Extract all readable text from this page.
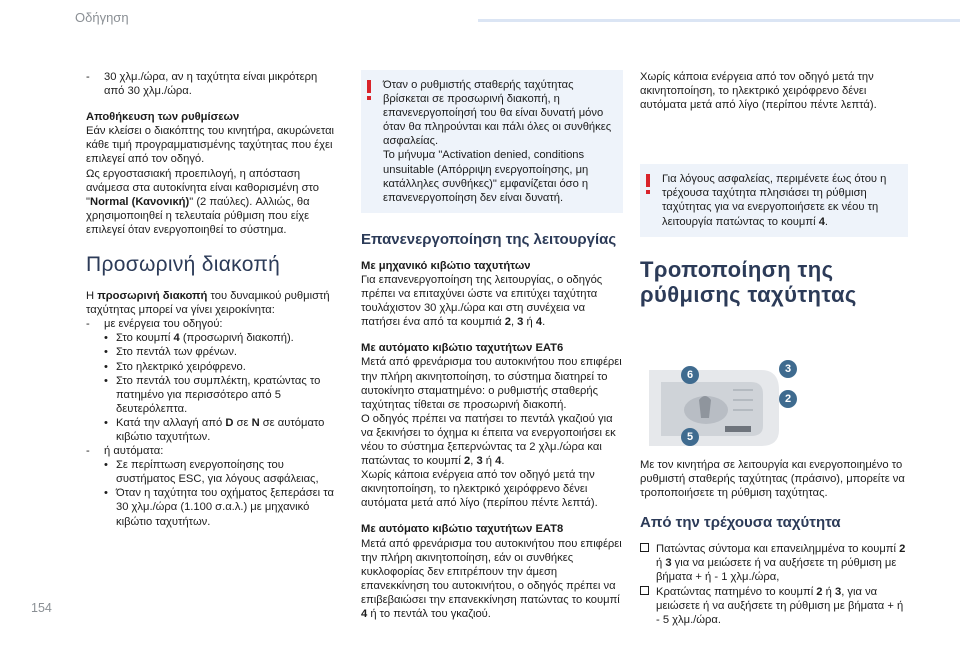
Οδήγηση

- 30 χλμ./ώρα, αν η ταχύτητα είναι μικρότερη από 30 χλμ./ώρα.

Αποθήκευση των ρυθμίσεων

Εάν κλείσει ο διακόπτης του κινητήρα, ακυρώνεται κάθε τιμή προγραμματισμένης ταχύτητας που έχει επιλεγεί από τον οδηγό.

Ως εργοστασιακή προεπιλογή, η απόσταση ανάμεσα στα αυτοκίνητα είναι καθορισμένη στο "Normal (Κανονική)" (2 παύλες). Αλλιώς, θα χρησιμοποιηθεί η τελευταία ρύθμιση που είχε επιλεγεί όταν ενεργοποιηθεί το σύστημα.

Προσωρινή διακοπή

Η προσωρινή διακοπή του δυναμικού ρυθμιστή ταχύτητας μπορεί να γίνει χειροκίνητα:

- με ενέργεια του οδηγού:

• Στο κουμπί 4 (προσωρινή διακοπή).
• Στο πεντάλ των φρένων.
• Στο ηλεκτρικό χειρόφρενο.
• Στο πεντάλ του συμπλέκτη, κρατώντας το πατημένο για περισσότερο από 5 δευτερόλεπτα.
• Κατά την αλλαγή από D σε N σε αυτόματο κιβώτιο ταχυτήτων.

- ή αυτόματα:

• Σε περίπτωση ενεργοποίησης του συστήματος ESC, για λόγους ασφάλειας,
• Όταν η ταχύτητα του οχήματος ξεπεράσει τα 30 χλμ./ώρα (1.100 σ.α.λ.) με μηχανικό κιβώτιο ταχυτήτων.

Όταν ο ρυθμιστής σταθερής ταχύτητας βρίσκεται σε προσωρινή διακοπή, η επανενεργοποίησή του θα είναι δυνατή μόνο όταν θα πληρούνται και πάλι όλες οι συνθήκες ασφαλείας.
Το μήνυμα "Activation denied, conditions unsuitable (Απόρριψη ενεργοποίησης, μη κατάλληλες συνθήκες)" εμφανίζεται όσο η επανενεργοποίηση δεν είναι δυνατή.

Επανενεργοποίηση της λειτουργίας

Με μηχανικό κιβώτιο ταχυτήτων

Για επανενεργοποίηση της λειτουργίας, ο οδηγός πρέπει να επιταχύνει ώστε να επιτύχει ταχύτητα τουλάχιστον 30 χλμ./ώρα και στη συνέχεια να πατήσει ένα από τα κουμπιά 2, 3 ή 4.

Με αυτόματο κιβώτιο ταχυτήτων EAT6

Μετά από φρενάρισμα του αυτοκινήτου που επιφέρει την πλήρη ακινητοποίηση, το σύστημα διατηρεί το αυτοκίνητο σταματημένο: ο ρυθμιστής σταθερής ταχύτητας τίθεται σε προσωρινή διακοπή.
Ο οδηγός πρέπει να πατήσει το πεντάλ γκαζιού για να ξεκινήσει το όχημα κι έπειτα να ενεργοποιήσει εκ νέου το σύστημα ξεπερνώντας τα 2 χλμ./ώρα και πατώντας το κουμπί 2, 3 ή 4.
Χωρίς κάποια ενέργεια από τον οδηγό μετά την ακινητοποίηση, το ηλεκτρικό χειρόφρενο δένει αυτόματα μετά από λίγο (περίπου πέντε λεπτά).

Με αυτόματο κιβώτιο ταχυτήτων EAT8

Μετά από φρενάρισμα του αυτοκινήτου που επιφέρει την πλήρη ακινητοποίηση, εάν οι συνθήκες κυκλοφορίας δεν επιτρέπουν την άμεση επανεκκίνηση του αυτοκινήτου, ο οδηγός πρέπει να επιβεβαιώσει την επανεκκίνηση πατώντας το κουμπί 4 ή το πεντάλ του γκαζιού.

Χωρίς κάποια ενέργεια από τον οδηγό μετά την ακινητοποίηση, το ηλεκτρικό χειρόφρενο δένει αυτόματα μετά από λίγο (περίπου πέντε λεπτά).

Για λόγους ασφαλείας, περιμένετε έως ότου η τρέχουσα ταχύτητα πλησιάσει τη ρύθμιση ταχύτητας για να ενεργοποιήσετε εκ νέου τη λειτουργία πατώντας το κουμπί 4.

Τροποποίηση της ρύθμισης ταχύτητας
6	3
2
5

Με τον κινητήρα σε λειτουργία και ενεργοποιημένο το ρυθμιστή σταθερής ταχύτητας (πράσινο), μπορείτε να τροποποιήσετε τη ρύθμιση ταχύτητας.

Από την τρέχουσα ταχύτητα

Πατώντας σύντομα και επανειλημμένα το κουμπί 2 ή 3 για να μειώσετε ή να αυξήσετε τη ρύθμιση με βήματα + ή - 1 χλμ./ώρα,

Κρατώντας πατημένο το κουμπί 2 ή 3, για να μειώσετε ή να αυξήσετε τη ρύθμιση με βήματα + ή - 5 χλμ./ώρα.

154
